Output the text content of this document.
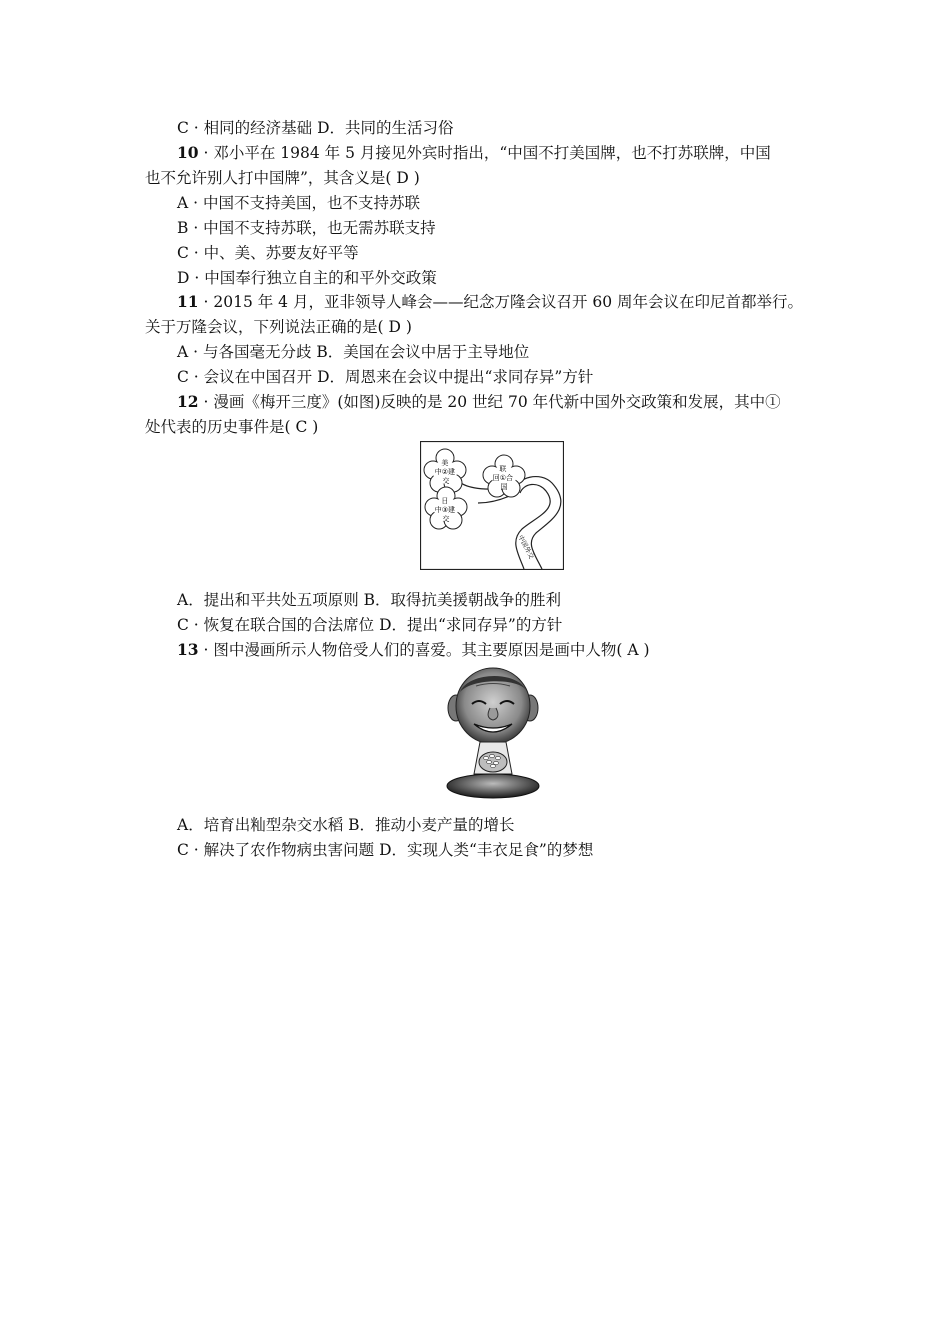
C · 相同的经济基础 D．共同的生活习俗
10 · 邓小平在 1984 年 5 月接见外宾时指出，“中国不打美国牌，也不打苏联牌，中国
也不允许别人打中国牌”，其含义是( D )
A · 中国不支持美国，也不支持苏联
B · 中国不支持苏联，也无需苏联支持
C · 中、美、苏要友好平等
D · 中国奉行独立自主的和平外交政策
11 · 2015 年 4 月，亚非领导人峰会——纪念万隆会议召开 60 周年会议在印尼首都举行。
关于万隆会议，下列说法正确的是( D )
A · 与各国毫无分歧 B．美国在会议中居于主导地位
C · 会议在中国召开 D．周恩来在会议中提出“求同存异”方针
12 · 漫画《梅开三度》(如图)反映的是 20 世纪 70 年代新中国外交政策和发展，其中①
处代表的历史事件是( C )
美 中②建 交
联 回①合 国
日 中③建 交
中国外交
A．提出和平共处五项原则 B．取得抗美援朝战争的胜利
C · 恢复在联合国的合法席位 D．提出“求同存异”的方针
13 · 图中漫画所示人物倍受人们的喜爱。其主要原因是画中人物( A )
A．培育出籼型杂交水稻 B．推动小麦产量的增长
C · 解决了农作物病虫害问题 D．实现人类“丰衣足食”的梦想
